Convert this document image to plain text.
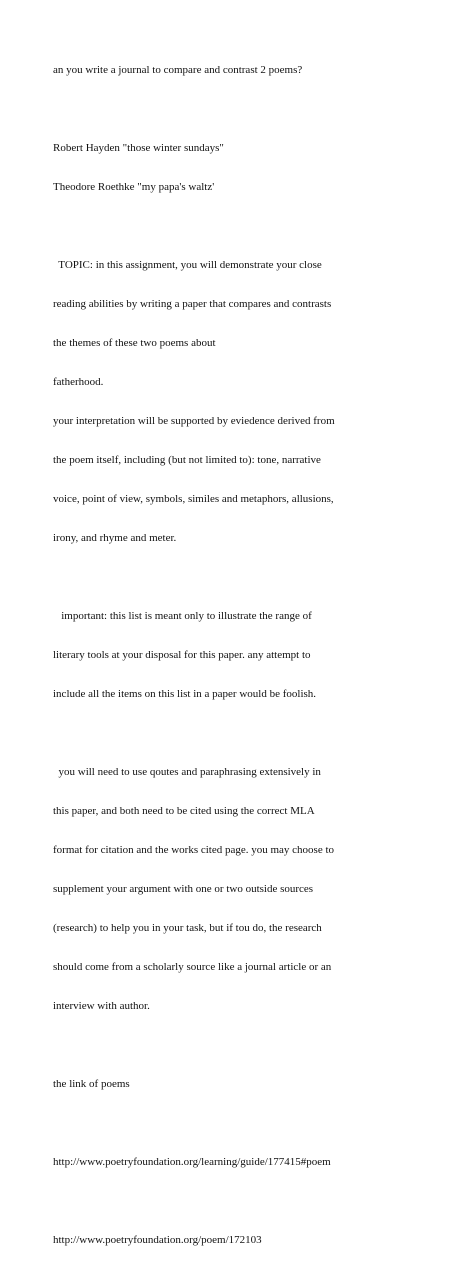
an you write a journal to compare and contrast 2 poems?

Robert Hayden "those winter sundays"

Theodore Roethke "my papa's waltz'

TOPIC: in this assignment, you will demonstrate your close

reading abilities by writing a paper that compares and contrasts

the themes of these two poems about

fatherhood.

your interpretation will be supported by eviedence derived from

the poem itself, including (but not limited to): tone, narrative

voice, point of view, symbols, similes and metaphors, allusions,

irony, and rhyme and meter.

important: this list is meant only to illustrate the range of

literary tools at your disposal for this paper. any attempt to

include all the items on this list in a paper would be foolish.

you will need to use qoutes and paraphrasing extensively in

this paper, and both need to be cited using the correct MLA

format for citation and the works cited page. you may choose to

supplement your argument with one or two outside sources

(research) to help you in your task, but if tou do, the research

should come from a scholarly source like a journal article or an

interview with author.

the link of poems

http://www.poetryfoundation.org/learning/guide/177415#poem

http://www.poetryfoundation.org/poem/172103
